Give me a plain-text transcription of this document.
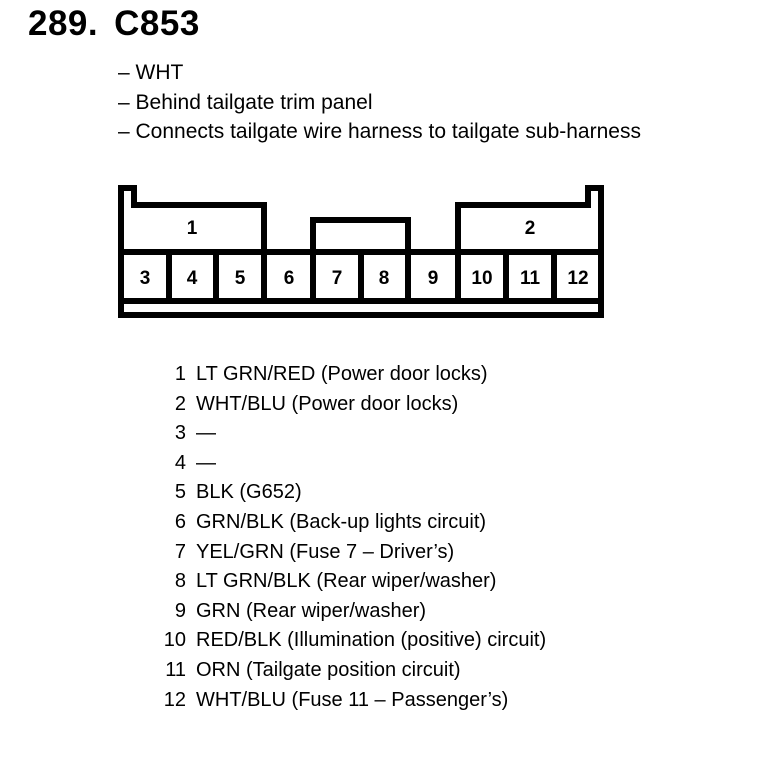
289. C853
– WHT
– Behind tailgate trim panel
– Connects tailgate wire harness to tailgate sub-harness
1	2
3 4 5 6 7 8 9 10 11 12
1 LT GRN/RED (Power door locks)
2 WHT/BLU (Power door locks)
3 —
4 —
5 BLK (G652)
6 GRN/BLK (Back-up lights circuit)
7 YEL/GRN (Fuse 7 – Driver’s)
8 LT GRN/BLK (Rear wiper/washer)
9 GRN (Rear wiper/washer)
10 RED/BLK (Illumination (positive) circuit)
11 ORN (Tailgate position circuit)
12 WHT/BLU (Fuse 11 – Passenger’s)
